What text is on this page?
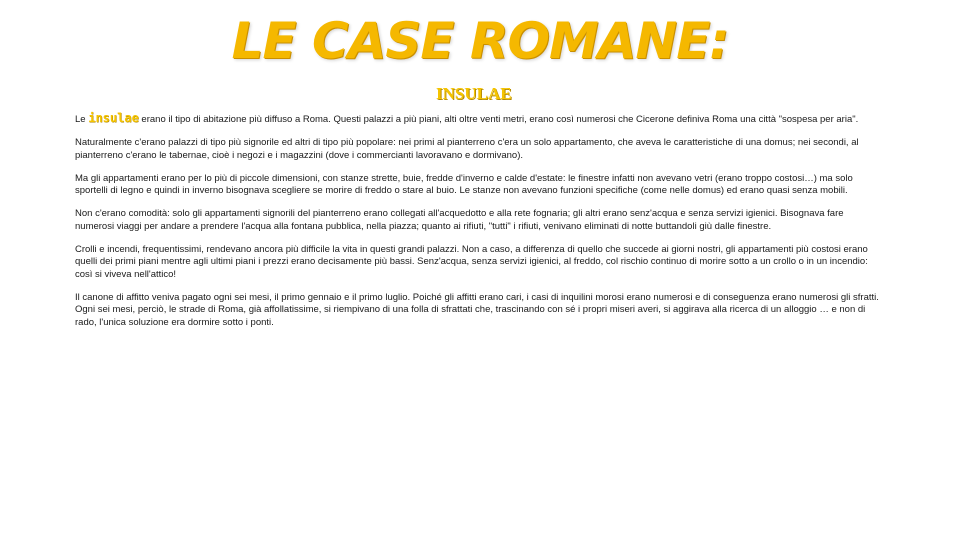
LE CASE ROMANE:
INSULAE

Le insulae erano il tipo di abitazione più diffuso a Roma. Questi palazzi a più piani, alti oltre venti metri, erano così numerosi che Cicerone definiva Roma una città "sospesa per aria".

Naturalmente c'erano palazzi di tipo più signorile ed altri di tipo più popolare: nei primi al pianterreno c'era un solo appartamento, che aveva le caratteristiche di una domus; nei secondi, al pianterreno c'erano le tabernae, cioè i negozi e i magazzini (dove i commercianti lavoravano e dormivano).

Ma gli appartamenti erano per lo più di piccole dimensioni, con stanze strette, buie, fredde d'inverno e calde d'estate: le finestre infatti non avevano vetri (erano troppo costosi…) ma solo sportelli di legno e quindi in inverno bisognava scegliere se morire di freddo o stare al buio. Le stanze non avevano funzioni specifiche (come nelle domus) ed erano quasi senza mobili.

Non c'erano comodità: solo gli appartamenti signorili del pianterreno erano collegati all'acquedotto e alla rete fognaria; gli altri erano senz'acqua e senza servizi igienici. Bisognava fare numerosi viaggi per andare a prendere l'acqua alla fontana pubblica, nella piazza; quanto ai rifiuti, "tutti" i rifiuti, venivano eliminati di notte buttandoli giù dalle finestre.

Crolli e incendi, frequentissimi, rendevano ancora più difficile la vita in questi grandi palazzi. Non a caso, a differenza di quello che succede ai giorni nostri, gli appartamenti più costosi erano quelli dei primi piani mentre agli ultimi piani i prezzi erano decisamente più bassi. Senz'acqua, senza servizi igienici, al freddo, col rischio continuo di morire sotto a un crollo o in un incendio: così si viveva nell'attico!

Il canone di affitto veniva pagato ogni sei mesi, il primo gennaio e il primo luglio. Poiché gli affitti erano cari, i casi di inquilini morosi erano numerosi e di conseguenza erano numerosi gli sfratti. Ogni sei mesi, perciò, le strade di Roma, già affollatissime, si riempivano di una folla di sfrattati che, trascinando con sé i propri miseri averi, si aggirava alla ricerca di un alloggio … e non di rado, l'unica soluzione era dormire sotto i ponti.
